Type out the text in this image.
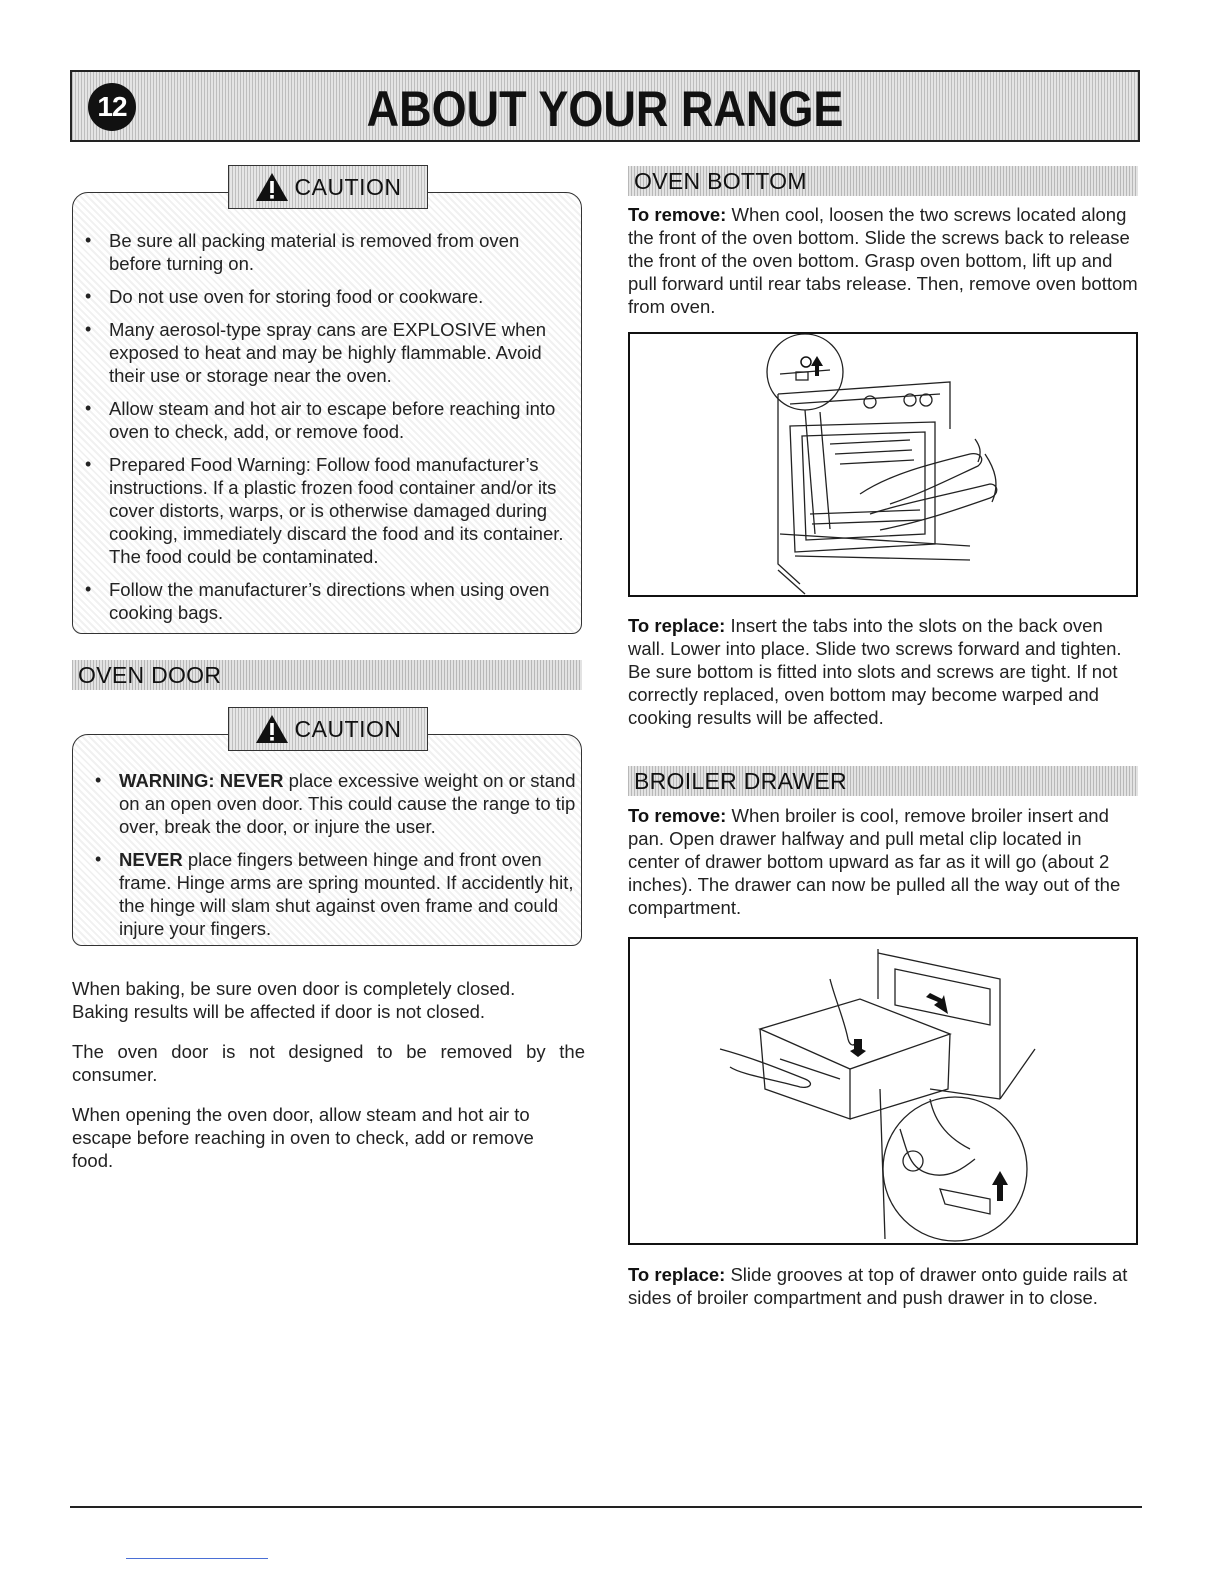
12	ABOUT YOUR RANGE
• Be sure all packing material is removed from oven before turning on.
• Do not use oven for storing food or cookware.
• Many aerosol-type spray cans are EXPLOSIVE when exposed to heat and may be highly flammable. Avoid their use or storage near the oven.
• Allow steam and hot air to escape before reaching into oven to check, add, or remove food.
• Prepared Food Warning: Follow food manufacturer’s instructions. If a plastic frozen food container and/or its cover distorts, warps, or is otherwise damaged during cooking, immediately discard the food and its container. The food could be contaminated.
• Follow the manufacturer’s directions when using oven cooking bags.
CAUTION
OVEN DOOR
• WARNING: NEVER place excessive weight on or stand on an open oven door. This could cause the range to tip over, break the door, or injure the user.
• NEVER place fingers between hinge and front oven frame. Hinge arms are spring mounted. If accidently hit, the hinge will slam shut against oven frame and could injure your fingers.
CAUTION

When baking, be sure oven door is completely closed. Baking results will be affected if door is not closed.

The oven door is not designed to be removed by the consumer.

When opening the oven door, allow steam and hot air to escape before reaching in oven to check, add or remove food.

OVEN BOTTOM

To remove: When cool, loosen the two screws located along the front of the oven bottom. Slide the screws back to release the front of the oven bottom. Grasp oven bottom, lift up and pull forward until rear tabs release. Then, remove oven bottom from oven.

To replace: Insert the tabs into the slots on the back oven wall. Lower into place. Slide two screws forward and tighten. Be sure bottom is fitted into slots and screws are tight. If not correctly replaced, oven bottom may become warped and cooking results will be affected.

BROILER DRAWER

To remove: When broiler is cool, remove broiler insert and pan. Open drawer halfway and pull metal clip located in center of drawer bottom upward as far as it will go (about 2 inches). The drawer can now be pulled all the way out of the compartment.

To replace: Slide grooves at top of drawer onto guide rails at sides of broiler compartment and push drawer in to close.
